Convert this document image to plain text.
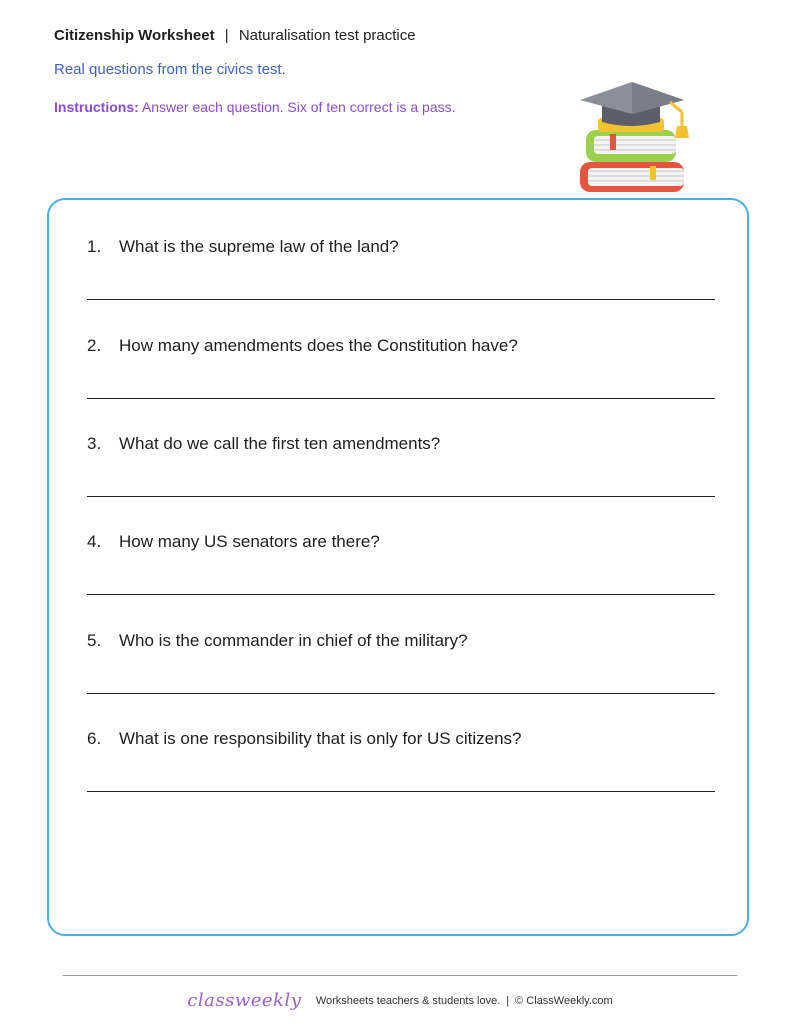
Citizenship Worksheet | Naturalisation test practice
Real questions from the civics test.
Instructions: Answer each question. Six of ten correct is a pass.
1. What is the supreme law of the land?
2. How many amendments does the Constitution have?
3. What do we call the first ten amendments?
4. How many US senators are there?
5. Who is the commander in chief of the military?
6. What is one responsibility that is only for US citizens?
classweekly Worksheets teachers & students love. | © ClassWeekly.com
